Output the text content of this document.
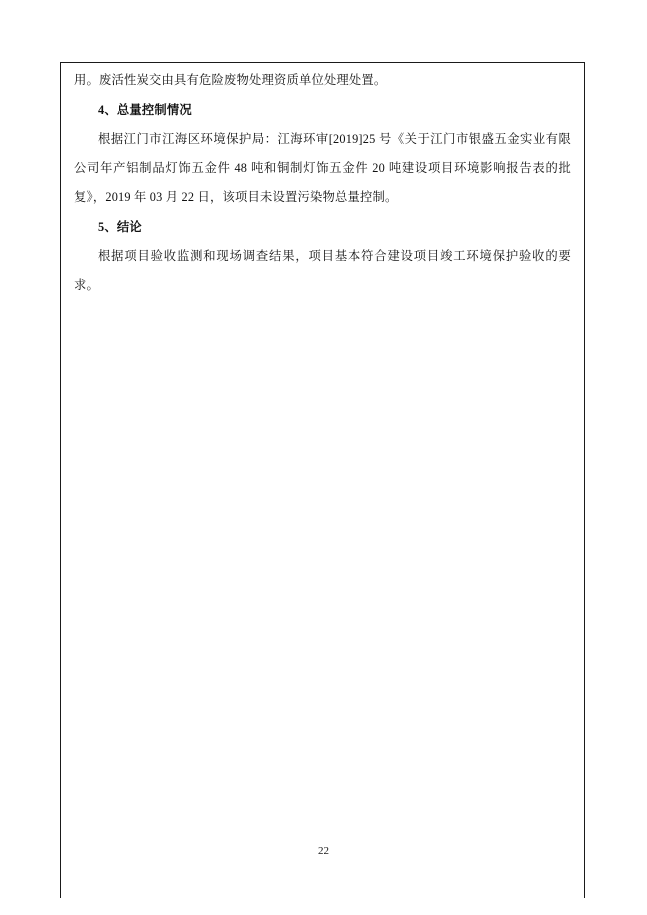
用。废活性炭交由具有危险废物处理资质单位处理处置。

4、总量控制情况

根据江门市江海区环境保护局：江海环审[2019]25 号《关于江门市银盛五金实业有限公司年产铝制品灯饰五金件 48 吨和铜制灯饰五金件 20 吨建设项目环境影响报告表的批复》，2019 年 03 月 22 日，该项目未设置污染物总量控制。

5、结论

根据项目验收监测和现场调查结果，项目基本符合建设项目竣工环境保护验收的要求。

22
